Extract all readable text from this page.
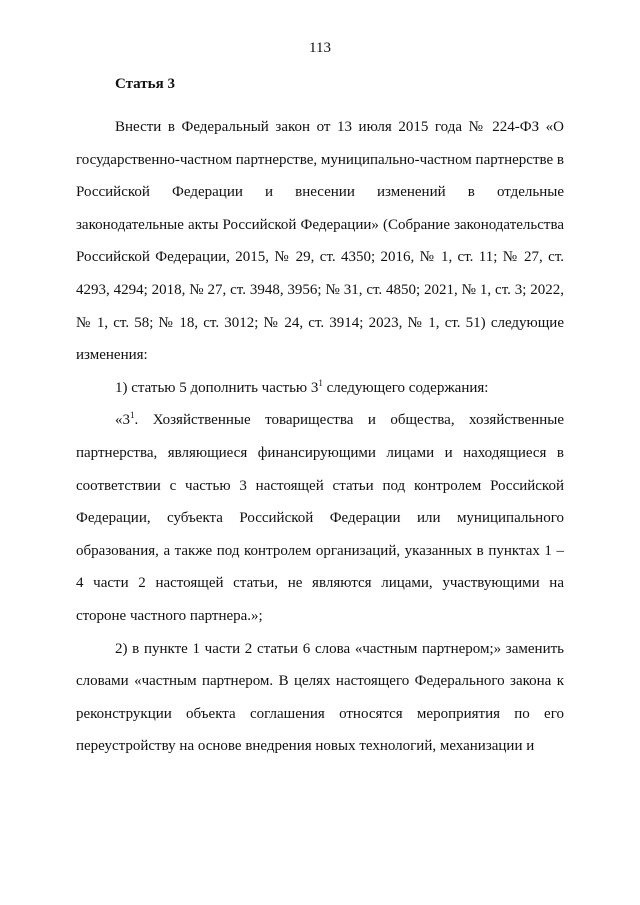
113
Статья 3

Внести в Федеральный закон от 13 июля 2015 года № 224-ФЗ «О государственно-частном партнерстве, муниципально-частном партнерстве в Российской Федерации и внесении изменений в отдельные законодательные акты Российской Федерации» (Собрание законодательства Российской Федерации, 2015, № 29, ст. 4350; 2016, № 1, ст. 11; № 27, ст. 4293, 4294; 2018, № 27, ст. 3948, 3956; № 31, ст. 4850; 2021, № 1, ст. 3; 2022, № 1, ст. 58; № 18, ст. 3012; № 24, ст. 3914; 2023, № 1, ст. 51) следующие изменения:

1) статью 5 дополнить частью $3^1$ следующего содержания:

«$3^1$. Хозяйственные товарищества и общества, хозяйственные партнерства, являющиеся финансирующими лицами и находящиеся в соответствии с частью 3 настоящей статьи под контролем Российской Федерации, субъекта Российской Федерации или муниципального образования, а также под контролем организаций, указанных в пунктах 1 – 4 части 2 настоящей статьи, не являются лицами, участвующими на стороне частного партнера.»;

2) в пункте 1 части 2 статьи 6 слова «частным партнером;» заменить словами «частным партнером. В целях настоящего Федерального закона к реконструкции объекта соглашения относятся мероприятия по его переустройству на основе внедрения новых технологий, механизации и
